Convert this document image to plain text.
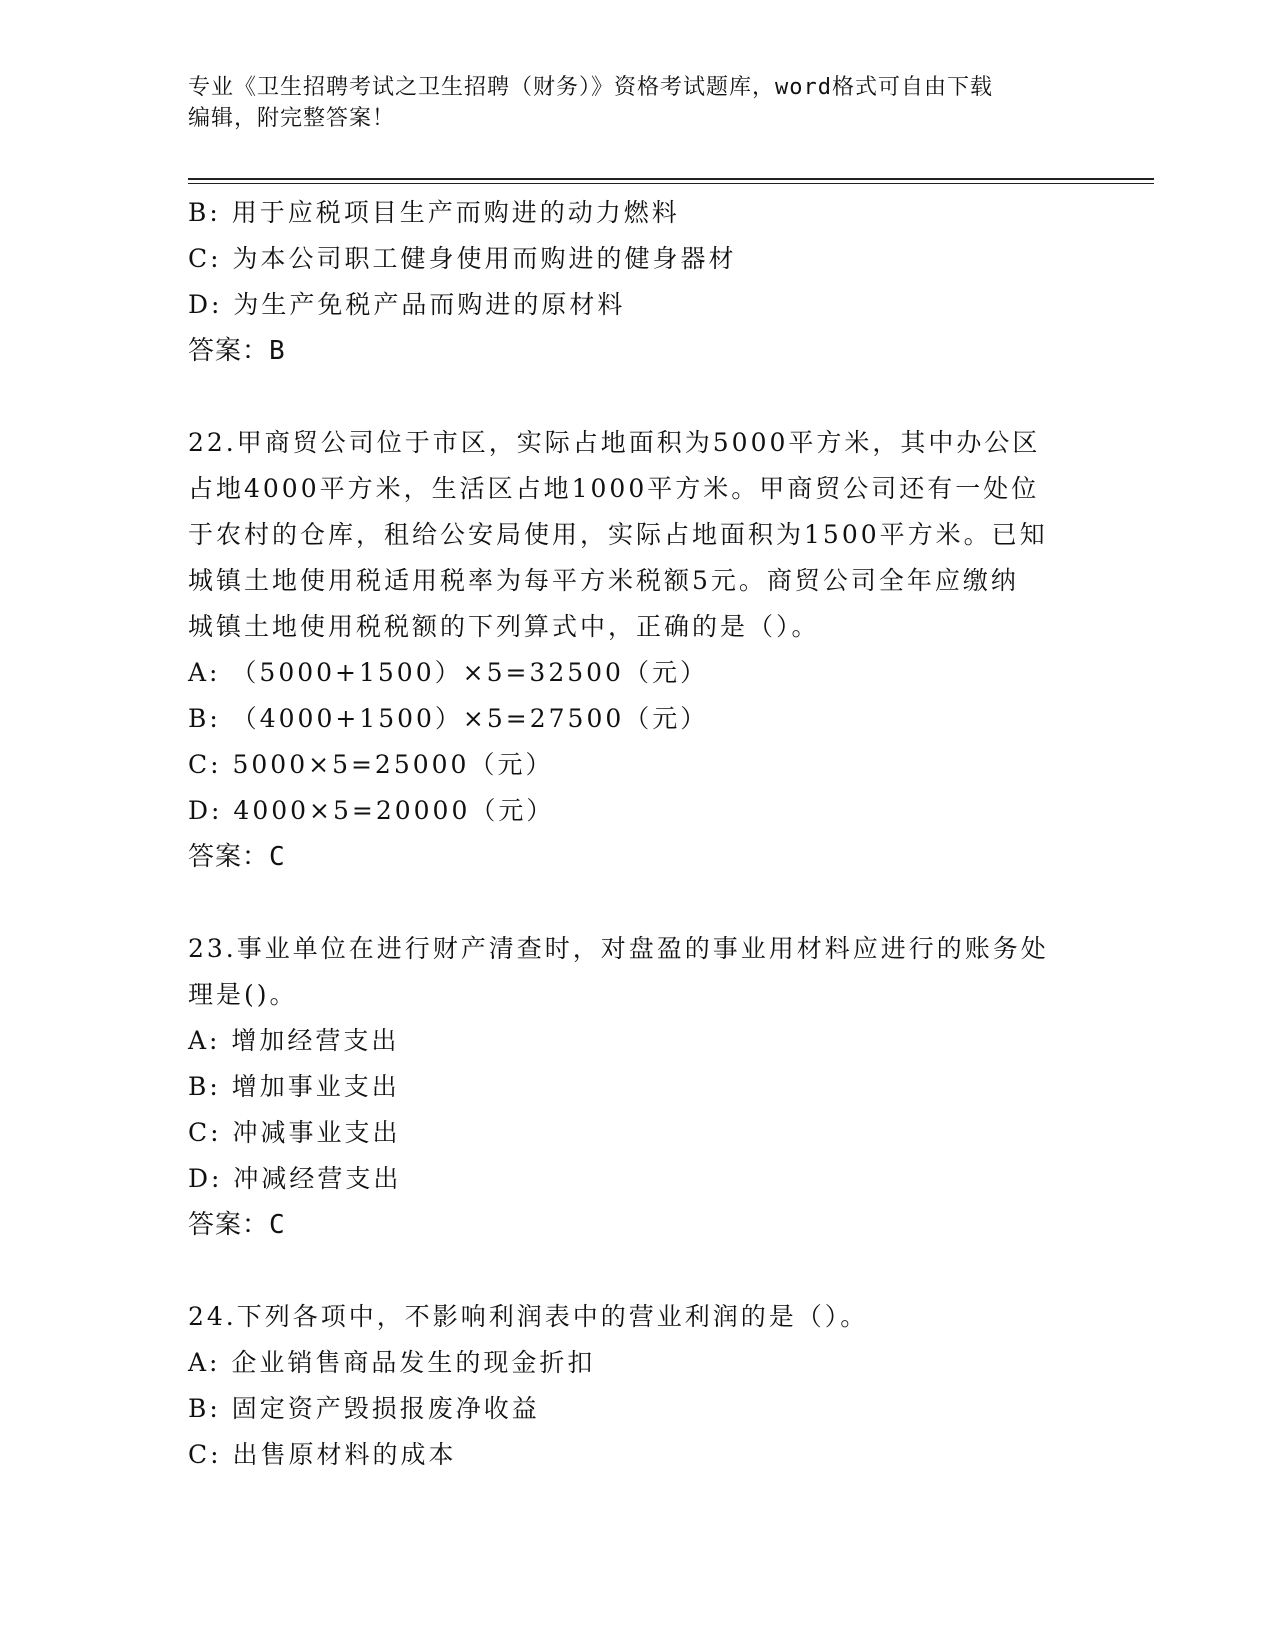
专业《卫生招聘考试之卫生招聘（财务）》资格考试题库，word格式可自由下载
编辑，附完整答案！
B: 用于应税项目生产而购进的动力燃料
C: 为本公司职工健身使用而购进的健身器材
D: 为生产免税产品而购进的原材料
答案：B
22.甲商贸公司位于市区，实际占地面积为5000平方米，其中办公区
占地4000平方米，生活区占地1000平方米。甲商贸公司还有一处位
于农村的仓库，租给公安局使用，实际占地面积为1500平方米。已知
城镇土地使用税适用税率为每平方米税额5元。商贸公司全年应缴纳
城镇土地使用税税额的下列算式中，正确的是（）。
A: （5000+1500）×5=32500（元）
B: （4000+1500）×5=27500（元）
C: 5000×5=25000（元）
D: 4000×5=20000（元）
答案：C
23.事业单位在进行财产清查时，对盘盈的事业用材料应进行的账务处
理是()。
A: 增加经营支出
B: 增加事业支出
C: 冲减事业支出
D: 冲减经营支出
答案：C
24.下列各项中，不影响利润表中的营业利润的是（）。
A: 企业销售商品发生的现金折扣
B: 固定资产毁损报废净收益
C: 出售原材料的成本
